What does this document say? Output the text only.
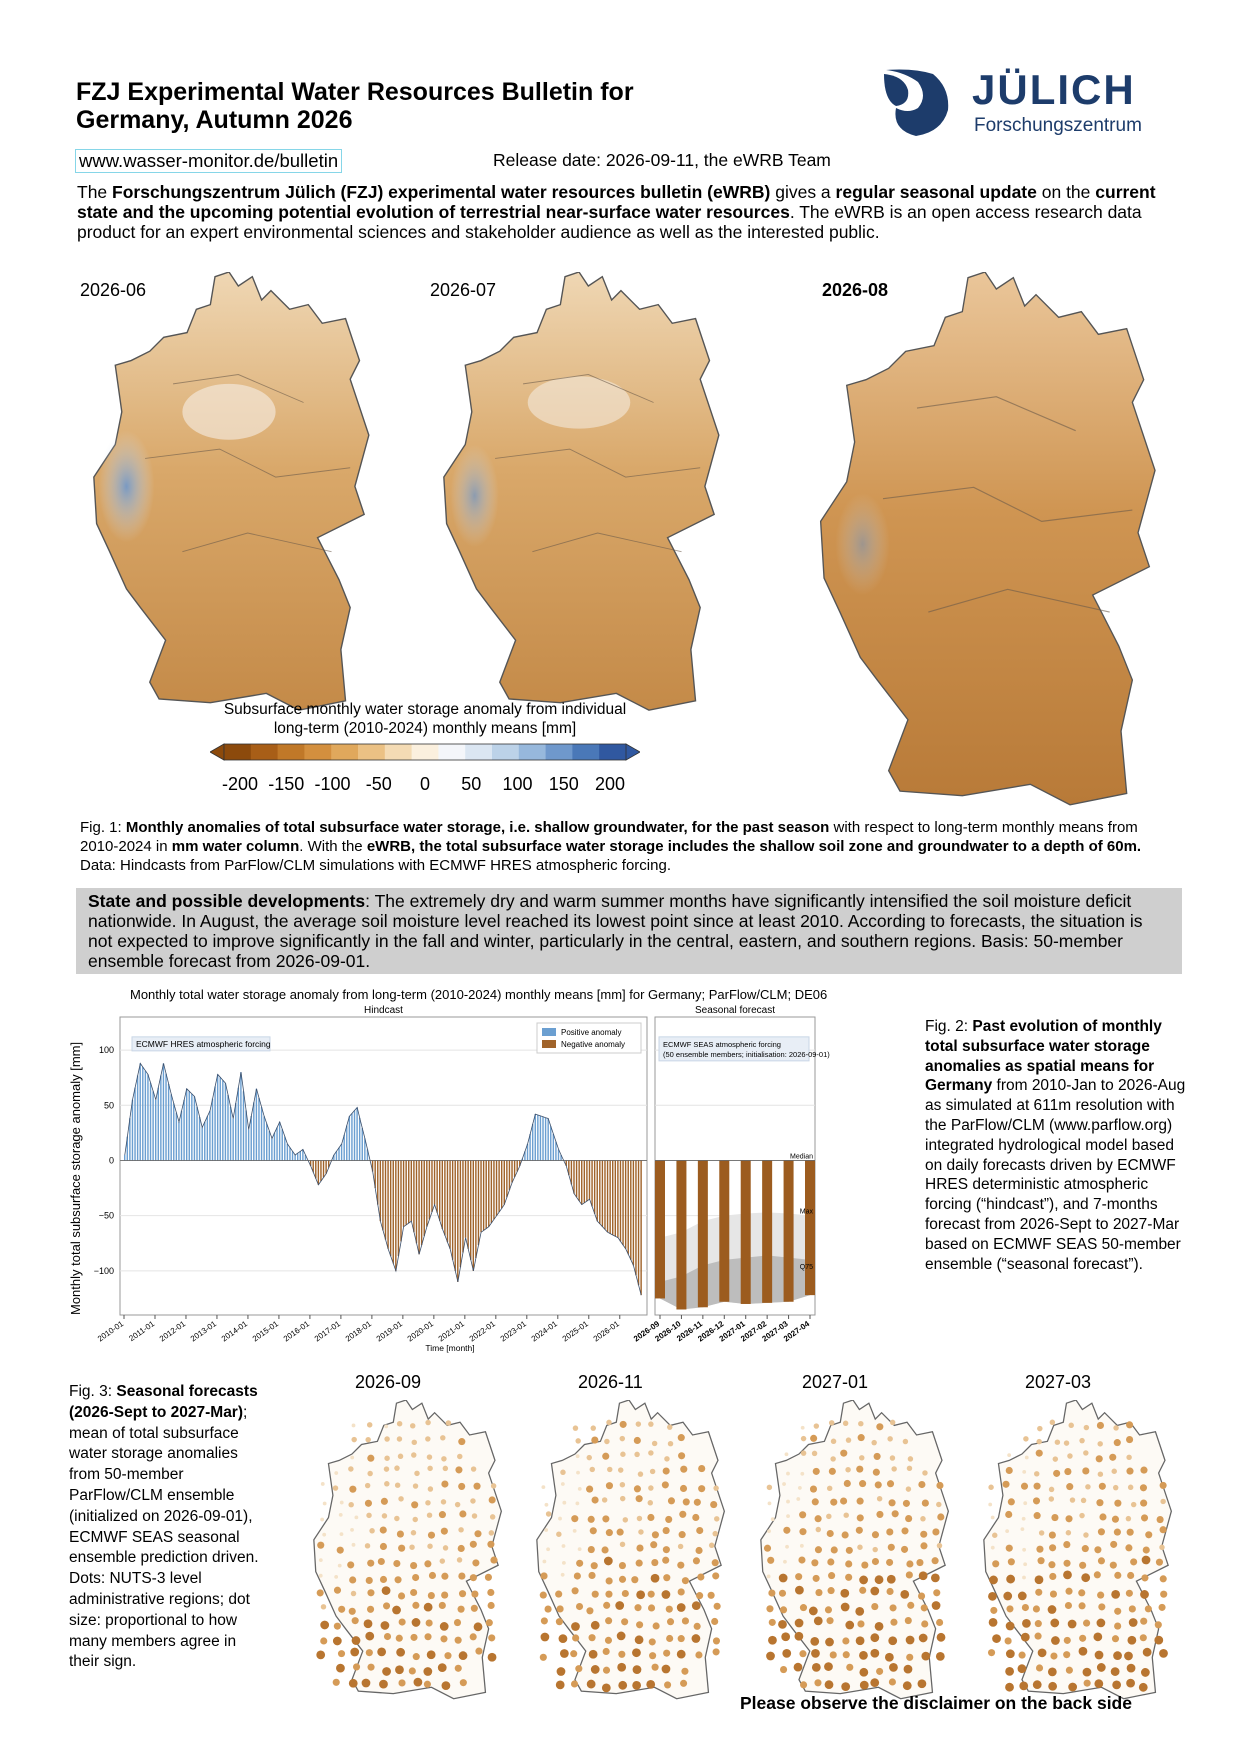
FZJ Experimental Water Resources Bulletin for
Germany, Autumn 2026
JÜLICH
Forschungszentrum
www.wasser-monitor.de/bulletin	Release date: 2026-09-11, the eWRB Team
The Forschungszentrum Jülich (FZJ) experimental water resources bulletin (eWRB) gives a regular seasonal update on the current state and the upcoming potential evolution of terrestrial near-surface water resources. The eWRB is an open access research data product for an expert environmental sciences and stakeholder audience as well as the interested public.
2026-06	2026-07	2026-08
Subsurface monthly water storage anomaly from individual
long-term (2010-2024) monthly means [mm]
-200 -150 -100 -50 0 50 100 150 200
Fig. 1: Monthly anomalies of total subsurface water storage, i.e. shallow groundwater, for the past season with respect to long-term monthly means from 2010-2024 in mm water column. With the eWRB, the total subsurface water storage includes the shallow soil zone and groundwater to a depth of 60m. Data: Hindcasts from ParFlow/CLM simulations with ECMWF HRES atmospheric forcing.
State and possible developments: The extremely dry and warm summer months have significantly intensified the soil moisture deficit nationwide. In August, the average soil moisture level reached its lowest point since at least 2010. According to forecasts, the situation is not expected to improve significantly in the fall and winter, particularly in the central, eastern, and southern regions. Basis: 50-member ensemble forecast from 2026-09-01.
Monthly total water storage anomaly from long-term (2010-2024) monthly means [mm] for Germany; ParFlow/CLM; DE06
Monthly total subsurface storage anomaly [mm]
Hindcast
100
50
0
−50
−100
ECMWF HRES atmospheric forcing
Positive anomaly
Negative anomaly
2010-01 2011-01 2012-01 2013-01 2014-01 2015-01 2016-01 2017-01 2018-01 2019-01 2020-01 2021-01 2022-01 2023-01 2024-01 2025-01 2026-01
Seasonal forecast
ECMWF SEAS atmospheric forcing
(50 ensemble members; initialisation: 2026-09-01)
Median
Max
Q75
2026-09
2026-10
2026-11
2026-12
2027-01
2027-02
2027-03
2027-04
Time [month]
Fig. 2: Past evolution of monthly total subsurface water storage anomalies as spatial means for Germany from 2010-Jan to 2026-Aug as simulated at 611m resolution with the ParFlow/CLM (www.parflow.org) integrated hydrological model based on daily forecasts driven by ECMWF HRES deterministic atmospheric forcing (“hindcast”), and 7-months forecast from 2026-Sept to 2027-Mar based on ECMWF SEAS 50-member ensemble (“seasonal forecast”).
Fig. 3: Seasonal forecasts (2026-Sept to 2027-Mar); mean of total subsurface water storage anomalies from 50-member ParFlow/CLM ensemble (initialized on 2026-09-01), ECMWF SEAS seasonal ensemble prediction driven. Dots: NUTS-3 level administrative regions; dot size: proportional to how many members agree in their sign.
2026-09	2026-11	2027-01	2027-03
Please observe the disclaimer on the back side
